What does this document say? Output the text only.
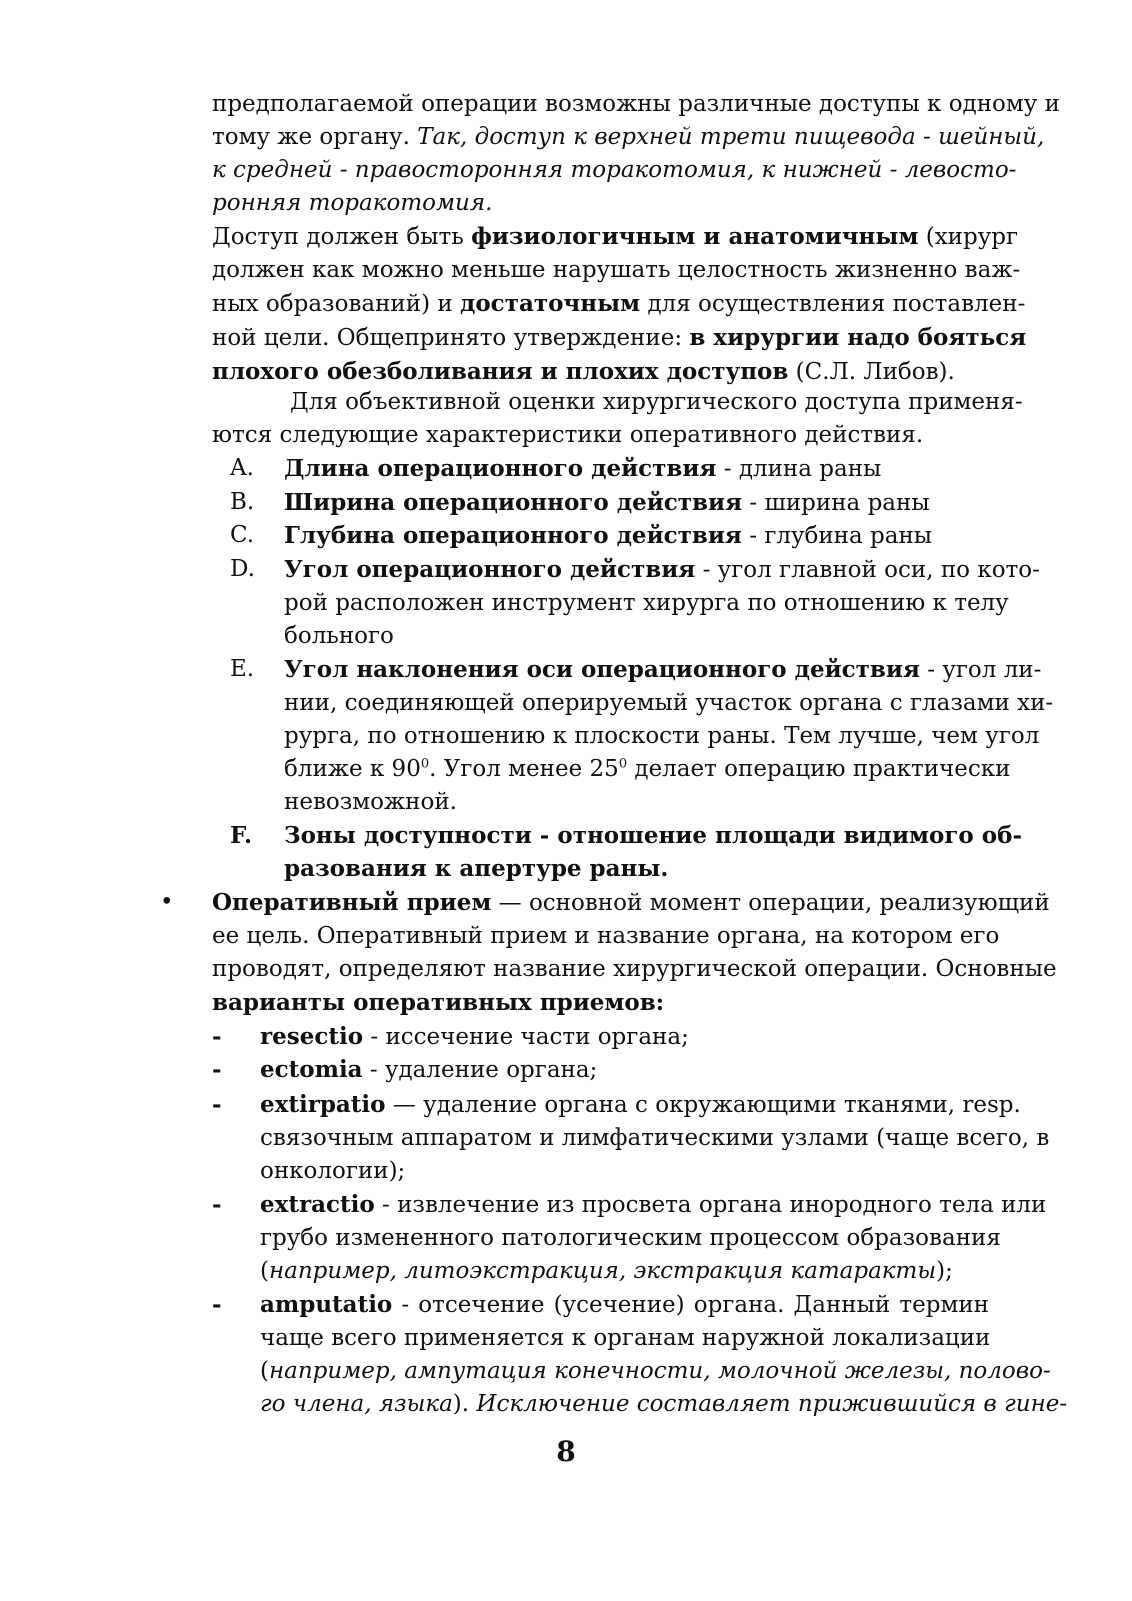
предполагаемой операции возможны различные доступы к одному и
тому же органу. Так, доступ к верхней трети пищевода - шейный,
к средней - правосторонняя торакотомия, к нижней - левосто-
ронняя торакотомия.
Доступ должен быть физиологичным и анатомичным (хирург
должен как можно меньше нарушать целостность жизненно важ-
ных образований) и достаточным для осуществления поставлен-
ной цели. Общепринято утверждение: в хирургии надо бояться
плохого обезболивания и плохих доступов (С.Л. Либов).
Для объективной оценки хирургического доступа применя-
ются следующие характеристики оперативного действия.
A. Длина операционного действия - длина раны
B. Ширина операционного действия - ширина раны
C. Глубина операционного действия - глубина раны
D. Угол операционного действия - угол главной оси, по кото-
рой расположен инструмент хирурга по отношению к телу
больного
E. Угол наклонения оси операционного действия - угол ли-
нии, соединяющей оперируемый участок органа с глазами хи-
рурга, по отношению к плоскости раны. Тем лучше, чем угол
ближе к $90^0$. Угол менее $25^0$ делает операцию практически
невозможной.
F. Зоны доступности - отношение площади видимого об-
разования к апертуре раны.
• Оперативный прием — основной момент операции, реализующий
ее цель. Оперативный прием и название органа, на котором его
проводят, определяют название хирургической операции. Основные
варианты оперативных приемов:
- resectio - иссечение части органа;
- ectomia - удаление органа;
- extirpatio — удаление органа с окружающими тканями, resp.
связочным аппаратом и лимфатическими узлами (чаще всего, в
онкологии);
- extractio - извлечение из просвета органа инородного тела или
грубо измененного патологическим процессом образования
(например, литоэкстракция, экстракция катаракты);
- amputatio - отсечение (усечение) органа. Данный термин
чаще всего применяется к органам наружной локализации
(например, ампутация конечности, молочной железы, полово-
го члена, языка). Исключение составляет прижившийся в гине-
8
